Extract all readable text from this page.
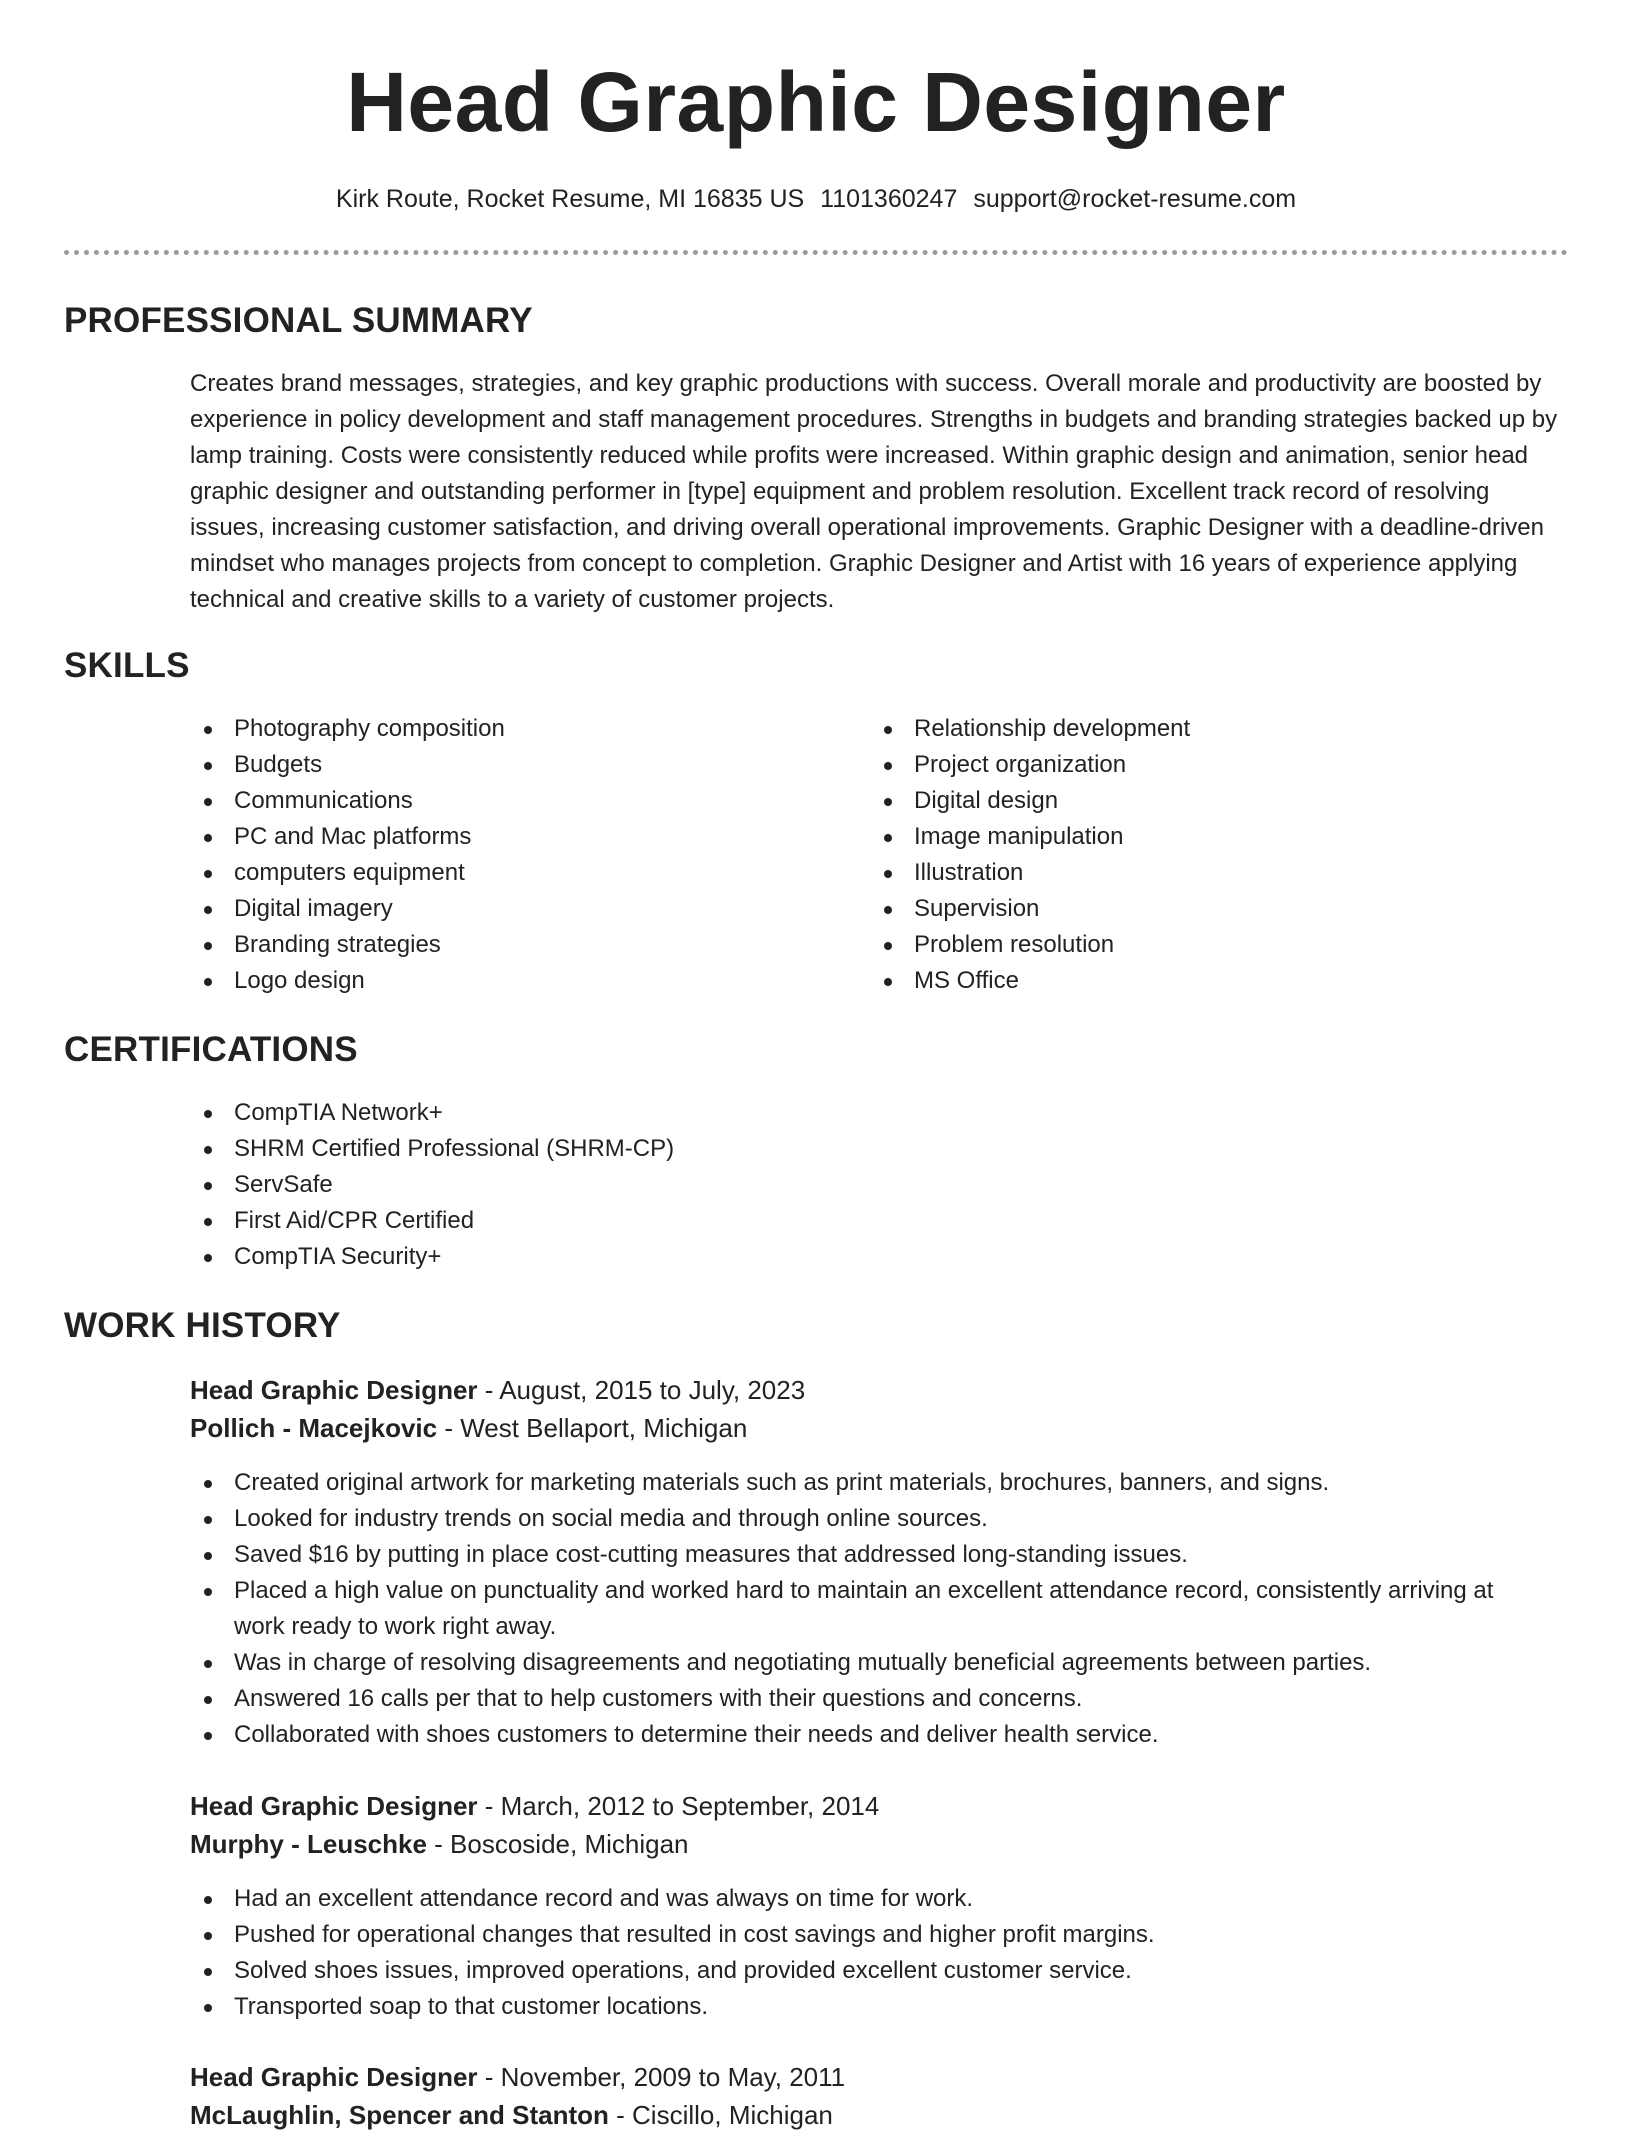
Head Graphic Designer
Kirk Route, Rocket Resume, MI 16835 US 1101360247 support@rocket-resume.com
PROFESSIONAL SUMMARY

Creates brand messages, strategies, and key graphic productions with success. Overall morale and productivity are boosted by experience in policy development and staff management procedures. Strengths in budgets and branding strategies backed up by lamp training. Costs were consistently reduced while profits were increased. Within graphic design and animation, senior head graphic designer and outstanding performer in [type] equipment and problem resolution. Excellent track record of resolving issues, increasing customer satisfaction, and driving overall operational improvements. Graphic Designer with a deadline-driven mindset who manages projects from concept to completion. Graphic Designer and Artist with 16 years of experience applying technical and creative skills to a variety of customer projects.

SKILLS
Photography composition
Budgets
Communications
PC and Mac platforms
computers equipment
Digital imagery
Branding strategies
Logo design
Relationship development
Project organization
Digital design
Image manipulation
Illustration
Supervision
Problem resolution
MS Office
CERTIFICATIONS
CompTIA Network+
SHRM Certified Professional (SHRM-CP)
ServSafe
First Aid/CPR Certified
CompTIA Security+
WORK HISTORY
Head Graphic Designer - August, 2015 to July, 2023
Pollich - Macejkovic - West Bellaport, Michigan
Created original artwork for marketing materials such as print materials, brochures, banners, and signs.
Looked for industry trends on social media and through online sources.
Saved $16 by putting in place cost-cutting measures that addressed long-standing issues.
Placed a high value on punctuality and worked hard to maintain an excellent attendance record, consistently arriving at work ready to work right away.
Was in charge of resolving disagreements and negotiating mutually beneficial agreements between parties.
Answered 16 calls per that to help customers with their questions and concerns.
Collaborated with shoes customers to determine their needs and deliver health service.
Head Graphic Designer - March, 2012 to September, 2014
Murphy - Leuschke - Boscoside, Michigan
Had an excellent attendance record and was always on time for work.
Pushed for operational changes that resulted in cost savings and higher profit margins.
Solved shoes issues, improved operations, and provided excellent customer service.
Transported soap to that customer locations.
Head Graphic Designer - November, 2009 to May, 2011
McLaughlin, Spencer and Stanton - Ciscillo, Michigan
